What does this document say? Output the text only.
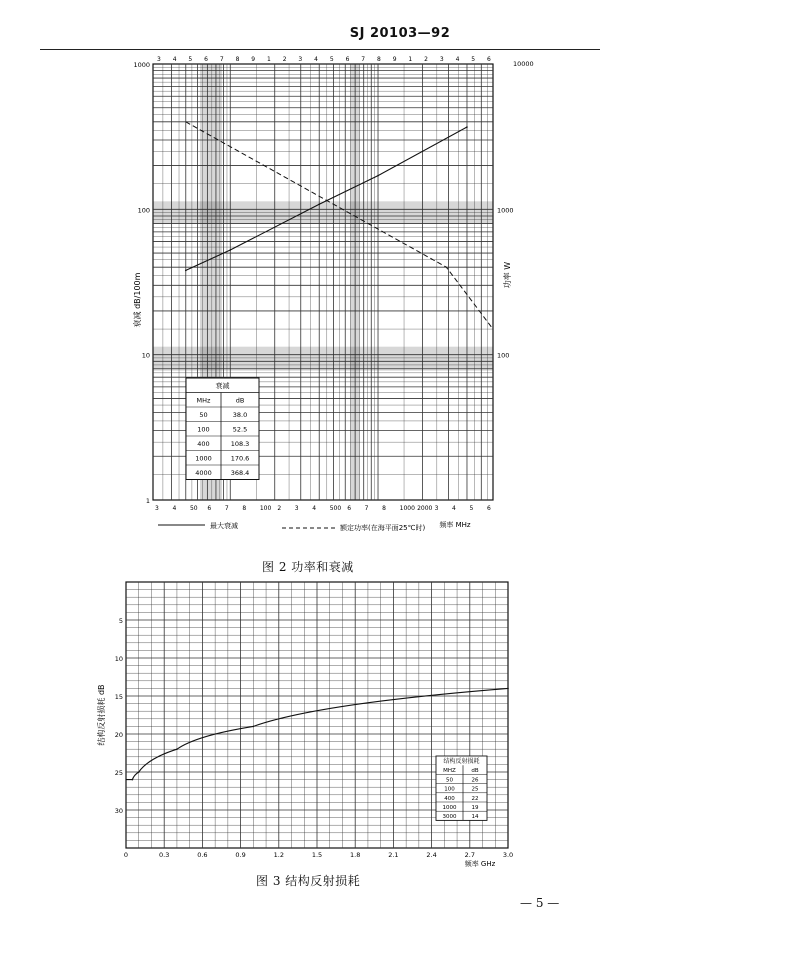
SJ 20103—92
1000
100
10
1
1000
100
3 4 5 6 7 8 9 1 2 3 4 5 6 7 8 9 1 2 3 4 5 6
3 4 50 6 7 8 100 2 3 4 500 6 7 8 1000 2000 3 4 5 6
衰减
MHz	dB
50	38.0
100	52.5
400	108.3
1000	170.6
4000	368.4
衰减 dB/100m	功率 W
频率 MHz
最大衰减	额定功率(在海平面25℃时)
10000
图 2 功率和衰减
0	0.3	0.6	0.9	1.2	1.5	1.8	2.1	2.4	2.7	3.0
5
10
15
20
25
30
结构反射损耗
MHZ	dB
50	26
100	25
400	22
1000	19
3000	14
结构反射损耗 dB
频率 GHz
图 3 结构反射损耗
— 5 —
